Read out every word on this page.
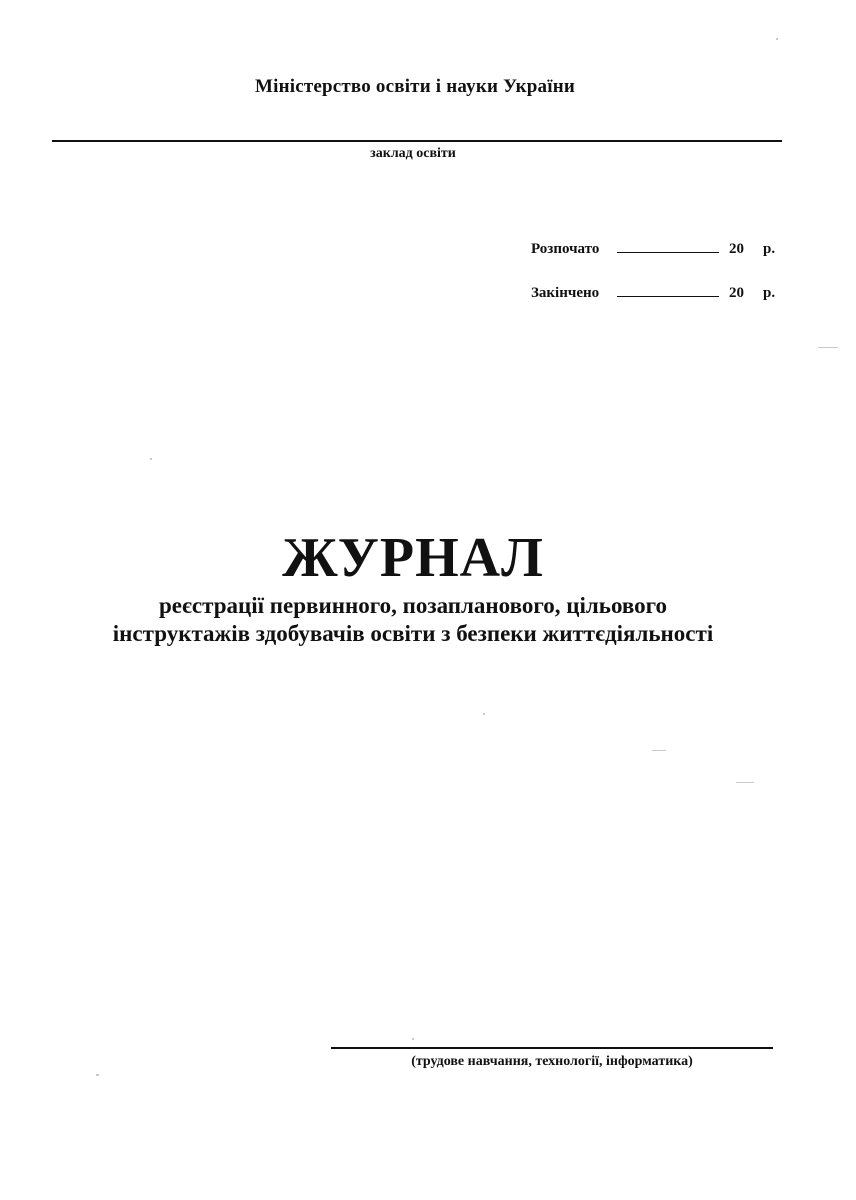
Міністерство освіти і науки України
заклад освіти
Розпочато	20	р.
Закінчено	20	р.
ЖУРНАЛ
реєстрації первинного, позапланового, цільового
інструктажів здобувачів освіти з безпеки життєдіяльності
(трудове навчання, технології, інформатика)
